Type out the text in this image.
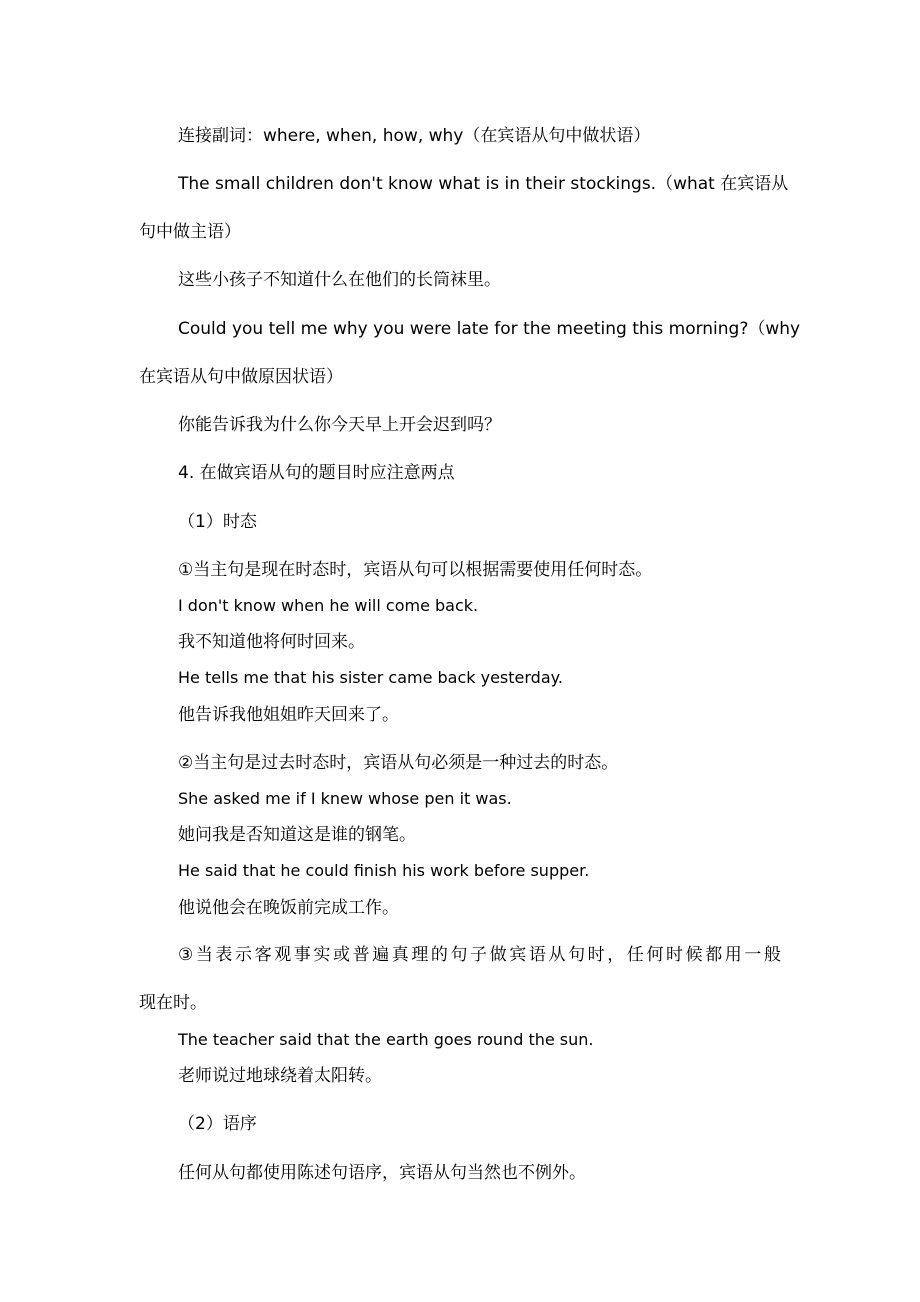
连接副词：where, when, how, why（在宾语从句中做状语）
The small children don't know what is in their stockings.（what 在宾语从
句中做主语）
这些小孩子不知道什么在他们的长筒袜里。
Could you tell me why you were late for the meeting this morning?（why
在宾语从句中做原因状语）
你能告诉我为什么你今天早上开会迟到吗？
4. 在做宾语从句的题目时应注意两点
（1）时态
①当主句是现在时态时，宾语从句可以根据需要使用任何时态。
I don't know when he will come back.
我不知道他将何时回来。
He tells me that his sister came back yesterday.
他告诉我他姐姐昨天回来了。
②当主句是过去时态时，宾语从句必须是一种过去的时态。
She asked me if I knew whose pen it was.
她问我是否知道这是谁的钢笔。
He said that he could finish his work before supper.
他说他会在晚饭前完成工作。
③当表示客观事实或普遍真理的句子做宾语从句时，任何时候都用一般
现在时。
The teacher said that the earth goes round the sun.
老师说过地球绕着太阳转。
（2）语序
任何从句都使用陈述句语序，宾语从句当然也不例外。
